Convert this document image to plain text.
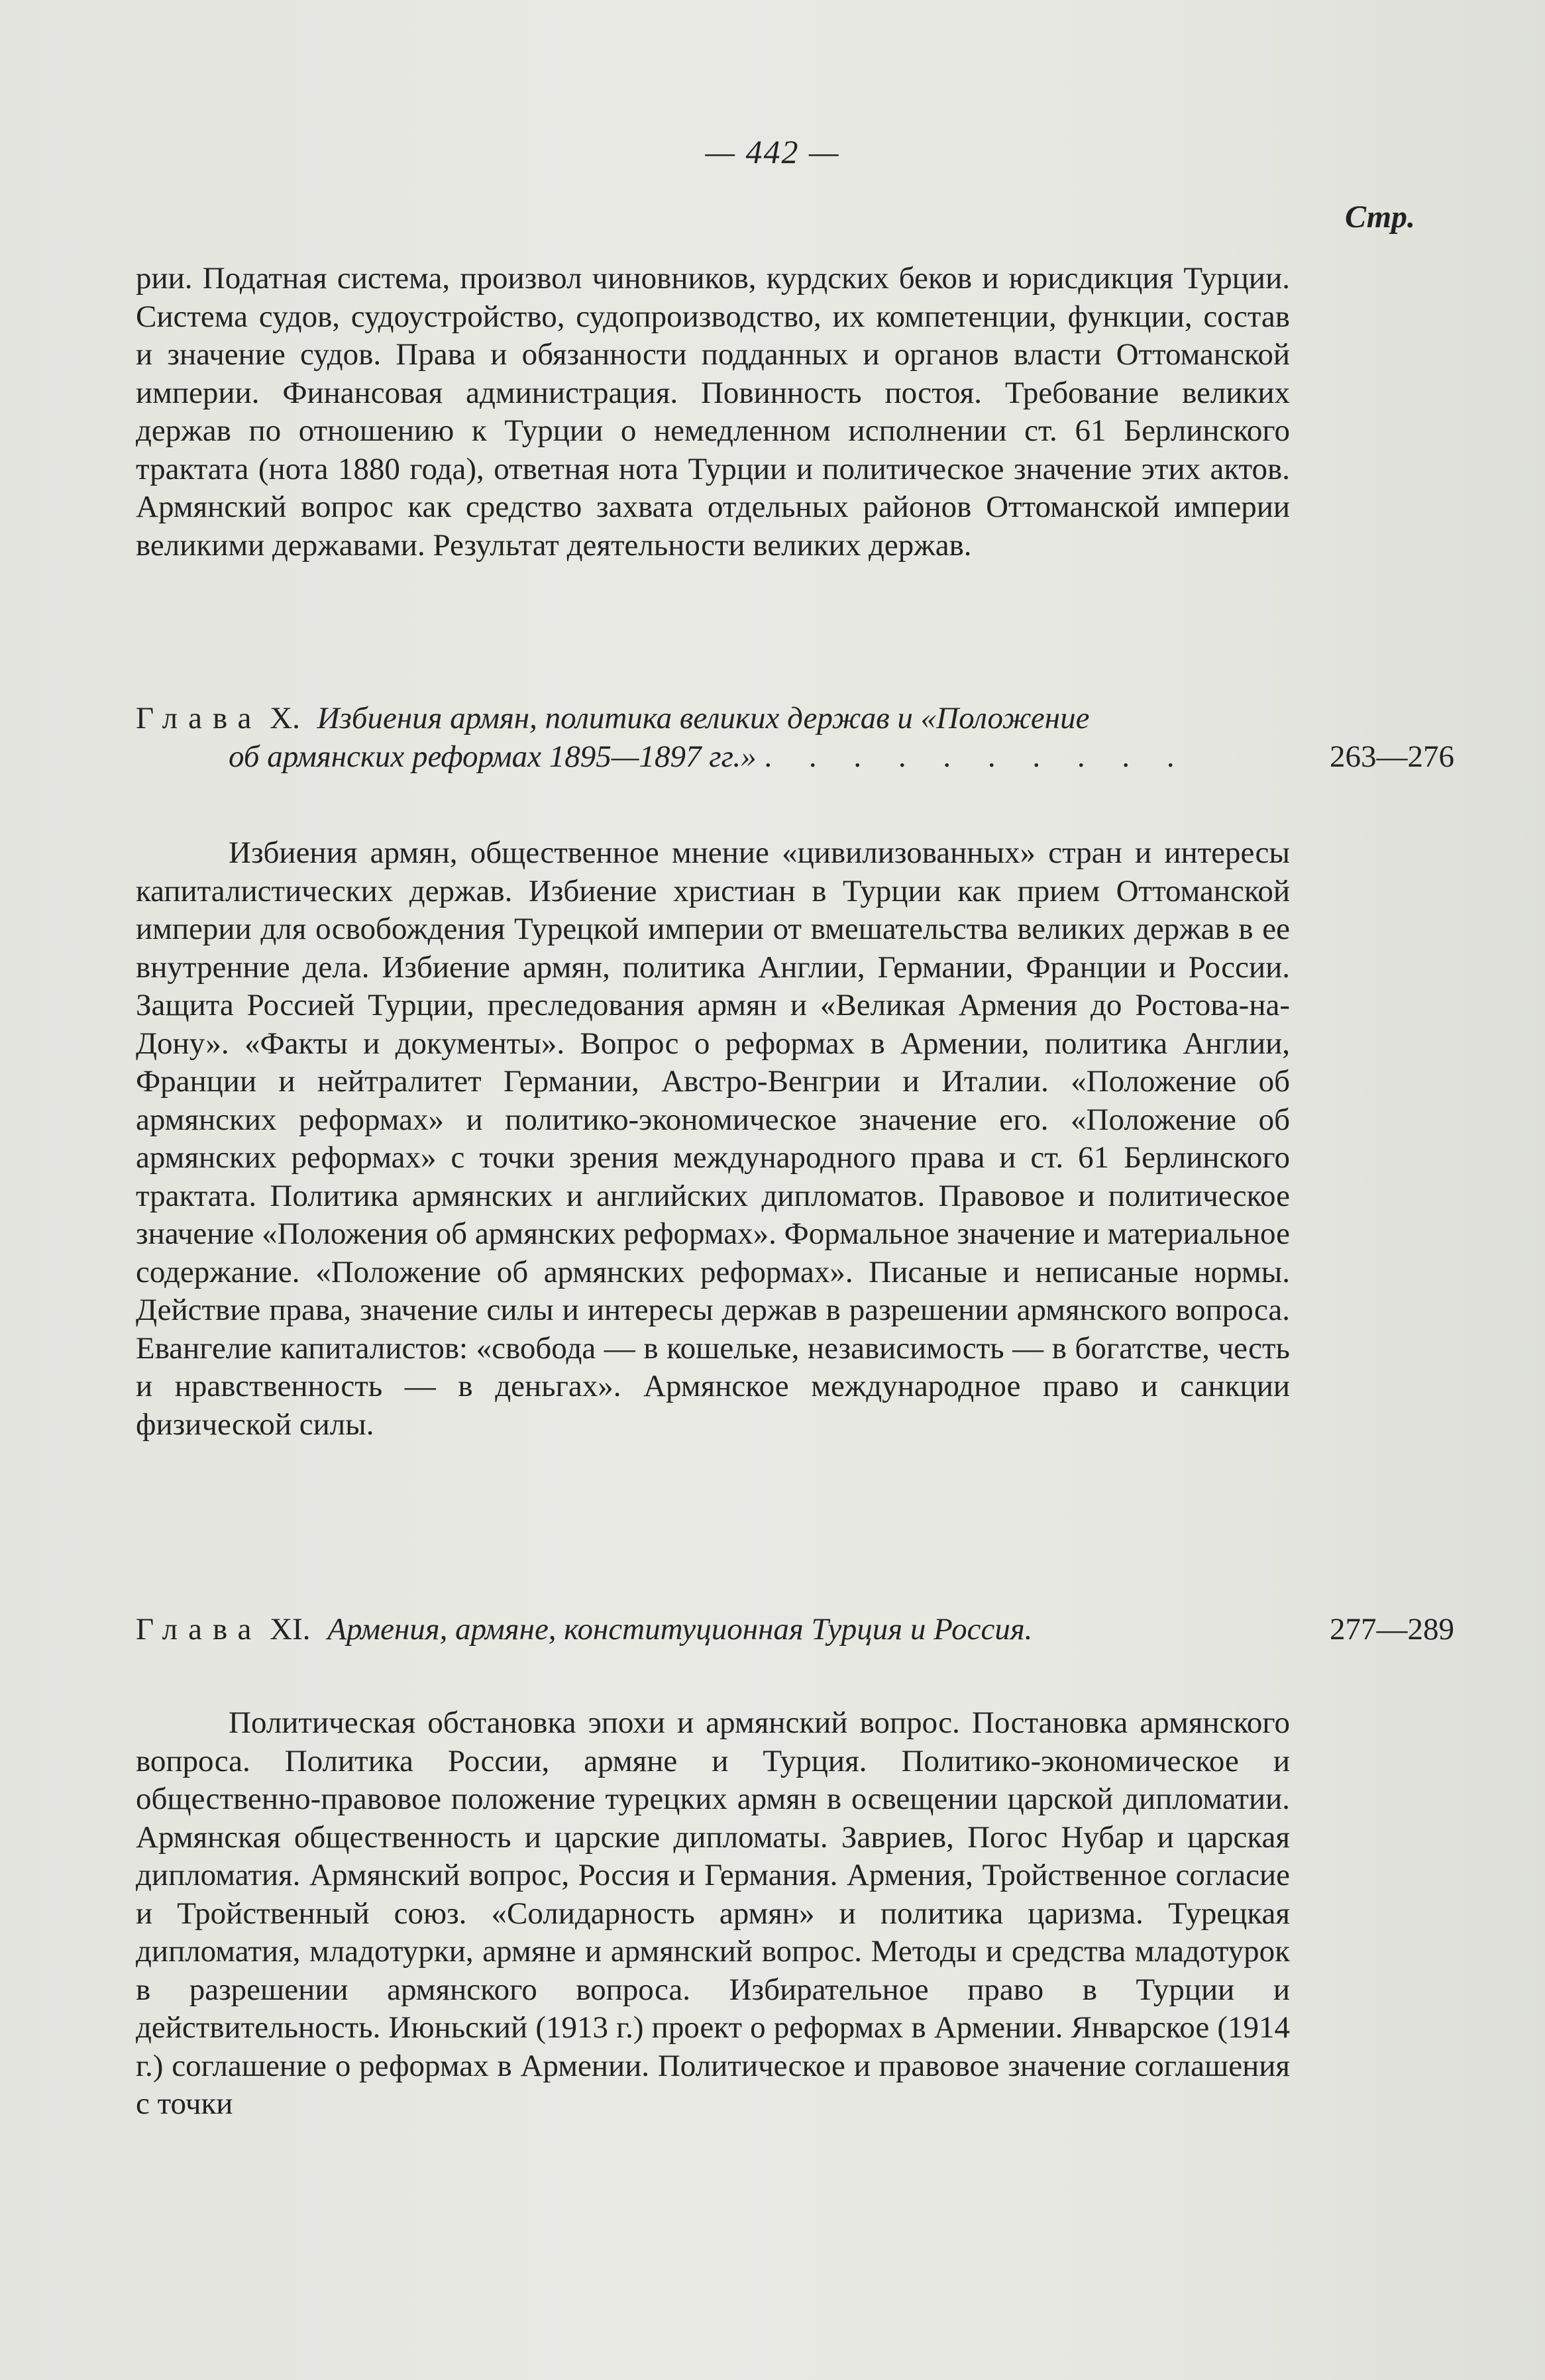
— 442 —
Стр.

рии. Податная система, произвол чиновников, курдских беков и юрисдикция Турции. Система судов, судоустройство, судопроизводство, их компетенции, функции, состав и значение судов. Права и обязанности подданных и органов власти Оттоманской империи. Финансовая администрация. Повинность постоя. Требование великих держав по отношению к Турции о немедленном исполнении ст. 61 Берлинского трактата (нота 1880 года), ответная нота Турции и политическое значение этих актов. Армянский вопрос как средство захвата отдельных районов Оттоманской империи великими державами. Результат деятельности великих держав.

Глава X. Избиения армян, политика великих держав и «Положение
об армянских реформах 1895—1897 гг.» . . . . . . . . . .	263—276

Избиения армян, общественное мнение «цивилизованных» стран и интересы капиталистических держав. Избиение христиан в Турции как прием Оттоманской империи для освобождения Турецкой империи от вмешательства великих держав в ее внутренние дела. Избиение армян, политика Англии, Германии, Франции и России. Защита Россией Турции, преследования армян и «Великая Армения до Ростова-на-Дону». «Факты и документы». Вопрос о реформах в Армении, политика Англии, Франции и нейтралитет Германии, Австро-Венгрии и Италии. «Положение об армянских реформах» и политико-экономическое значение его. «Положение об армянских реформах» с точки зрения международного права и ст. 61 Берлинского трактата. Политика армянских и английских дипломатов. Правовое и политическое значение «Положения об армянских реформах». Формальное значение и материальное содержание. «Положение об армянских реформах». Писаные и неписаные нормы. Действие права, значение силы и интересы держав в разрешении армянского вопроса. Евангелие капиталистов: «свобода — в кошельке, независимость — в богатстве, честь и нравственность — в деньгах». Армянское международное право и санкции физической силы.

Глава XI. Армения, армяне, конституционная Турция и Россия.	277—289

Политическая обстановка эпохи и армянский вопрос. Постановка армянского вопроса. Политика России, армяне и Турция. Политико-экономическое и общественно-правовое положение турецких армян в освещении царской дипломатии. Армянская общественность и царские дипломаты. Завриев, Погос Нубар и царская дипломатия. Армянский вопрос, Россия и Германия. Армения, Тройственное согласие и Тройственный союз. «Солидарность армян» и политика царизма. Турецкая дипломатия, младотурки, армяне и армянский вопрос. Методы и средства младотурок в разрешении армянского вопроса. Избирательное право в Турции и действительность. Июньский (1913 г.) проект о реформах в Армении. Январское (1914 г.) соглашение о реформах в Армении. Политическое и правовое значение соглашения с точки
